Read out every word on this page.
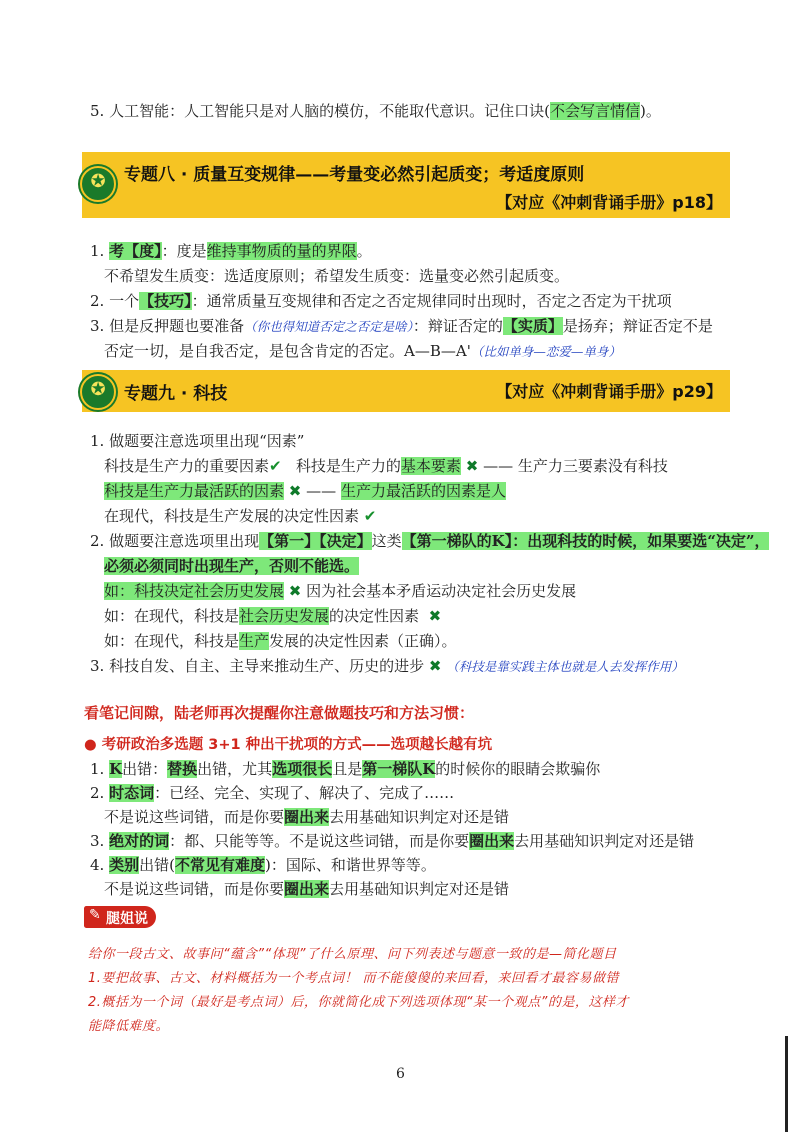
5. 人工智能：人工智能只是对人脑的模仿，不能取代意识。记住口诀(不会写言情信)。
✪	专题八 · 质量互变规律——考量变必然引起质变；考适度原则
【对应《冲刺背诵手册》p18】
1. 考【度】：度是维持事物质的量的界限。
不希望发生质变：选适度原则；希望发生质变：选量变必然引起质变。
2. 一个【技巧】：通常质量互变规律和否定之否定规律同时出现时，否定之否定为干扰项
3. 但是反押题也要准备（你也得知道否定之否定是啥）：辩证否定的【实质】是扬弃；辩证否定不是
否定一切，是自我否定，是包含肯定的否定。A—B—A'（比如单身—恋爱—单身）
✪	专题九 · 科技	【对应《冲刺背诵手册》p29】
1. 做题要注意选项里出现“因素”
科技是生产力的重要因素✔ 科技是生产力的基本要素 ✖ —— 生产力三要素没有科技
科技是生产力最活跃的因素 ✖ —— 生产力最活跃的因素是人
在现代，科技是生产发展的决定性因素 ✔
2. 做题要注意选项里出现【第一】【决定】这类【第一梯队的K】：出现科技的时候，如果要选“决定”，
必须必须同时出现生产，否则不能选。
如：科技决定社会历史发展 ✖ 因为社会基本矛盾运动决定社会历史发展
如：在现代，科技是社会历史发展的决定性因素 ✖
如：在现代，科技是生产发展的决定性因素（正确）。
3. 科技自发、自主、主导来推动生产、历史的进步 ✖ （科技是靠实践主体也就是人去发挥作用）
看笔记间隙，陆老师再次提醒你注意做题技巧和方法习惯：
● 考研政治多选题 3+1 种出干扰项的方式——选项越长越有坑
1. K出错：替换出错，尤其选项很长且是第一梯队K的时候你的眼睛会欺骗你
2. 时态词：已经、完全、实现了、解决了、完成了……
不是说这些词错，而是你要圈出来去用基础知识判定对还是错
3. 绝对的词：都、只能等等。不是说这些词错，而是你要圈出来去用基础知识判定对还是错
4. 类别出错(不常见有难度)：国际、和谐世界等等。
不是说这些词错，而是你要圈出来去用基础知识判定对还是错
✎ 腿姐说
给你一段古文、故事问“蕴含”“体现”了什么原理、问下列表述与题意一致的是—简化题目
1.要把故事、古文、材料概括为一个考点词！ 而不能傻傻的来回看，来回看才最容易做错
2.概括为一个词（最好是考点词）后，你就简化成下列选项体现“某一个观点”的是，这样才
能降低难度。
6
